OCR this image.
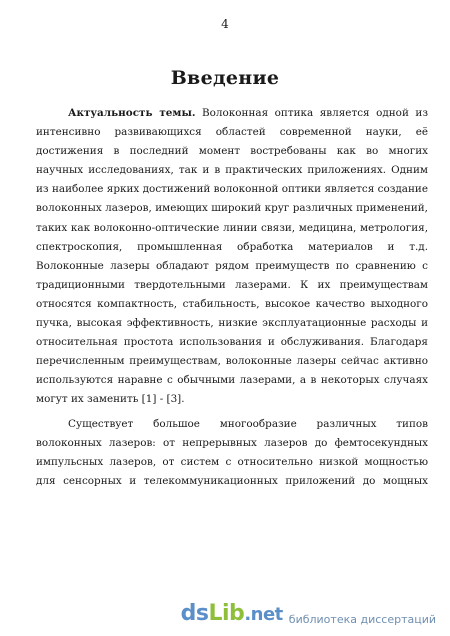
4
Введение

Актуальность темы. Волоконная оптика является одной из интенсивно развивающихся областей современной науки, её достижения в последний момент востребованы как во многих научных исследованиях, так и в практических приложениях. Одним из наиболее ярких достижений волоконной оптики является создание волоконных лазеров, имеющих широкий круг различных применений, таких как волоконно-оптические линии связи, медицина, метрология, спектроскопия, промышленная обработка материалов и т.д. Волоконные лазеры обладают рядом преимуществ по сравнению с традиционными твердотельными лазерами. К их преимуществам относятся компактность, стабильность, высокое качество выходного пучка, высокая эффективность, низкие эксплуатационные расходы и относительная простота использования и обслуживания. Благодаря перечисленным преимуществам, волоконные лазеры сейчас активно используются наравне с обычными лазерами, а в некоторых случаях могут их заменить [1] - [3].

Существует большое многообразие различных типов волоконных лазеров: от непрерывных лазеров до фемтосекундных импульсных лазеров, от систем с относительно низкой мощностью для сенсорных и телекоммуникационных приложений до мощных

dsLib.net библиотека диссертаций
